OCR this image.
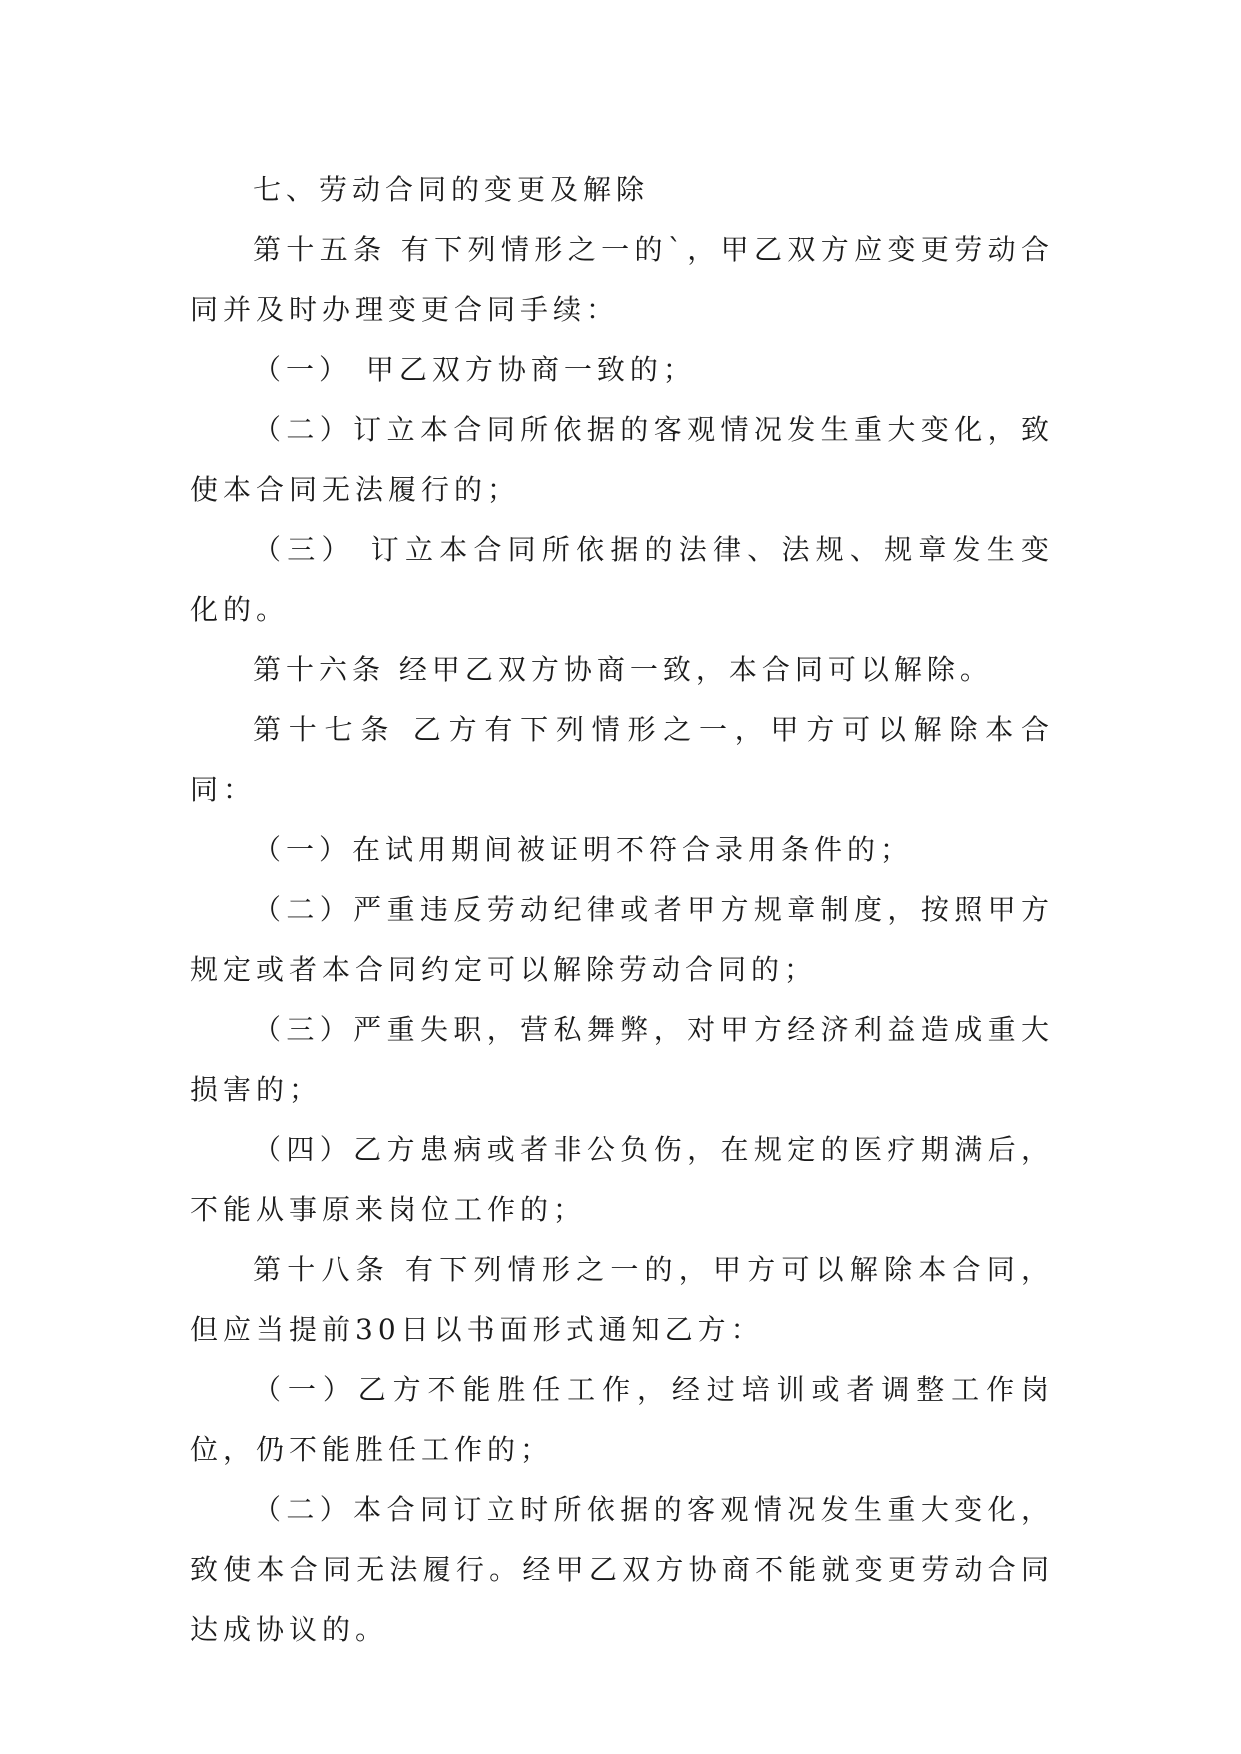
七、劳动合同的变更及解除

第十五条 有下列情形之一的`，甲乙双方应变更劳动合同并及时办理变更合同手续：

（一） 甲乙双方协商一致的；

（二）订立本合同所依据的客观情况发生重大变化，致使本合同无法履行的；

（三） 订立本合同所依据的法律、法规、规章发生变化的。

第十六条 经甲乙双方协商一致，本合同可以解除。

第十七条 乙方有下列情形之一，甲方可以解除本合同：

（一）在试用期间被证明不符合录用条件的；

（二）严重违反劳动纪律或者甲方规章制度，按照甲方规定或者本合同约定可以解除劳动合同的；

（三）严重失职，营私舞弊，对甲方经济利益造成重大损害的；

（四）乙方患病或者非公负伤，在规定的医疗期满后，不能从事原来岗位工作的；

第十八条 有下列情形之一的，甲方可以解除本合同，但应当提前30日以书面形式通知乙方：

（一）乙方不能胜任工作，经过培训或者调整工作岗位，仍不能胜任工作的；

（二）本合同订立时所依据的客观情况发生重大变化，致使本合同无法履行。经甲乙双方协商不能就变更劳动合同达成协议的。
